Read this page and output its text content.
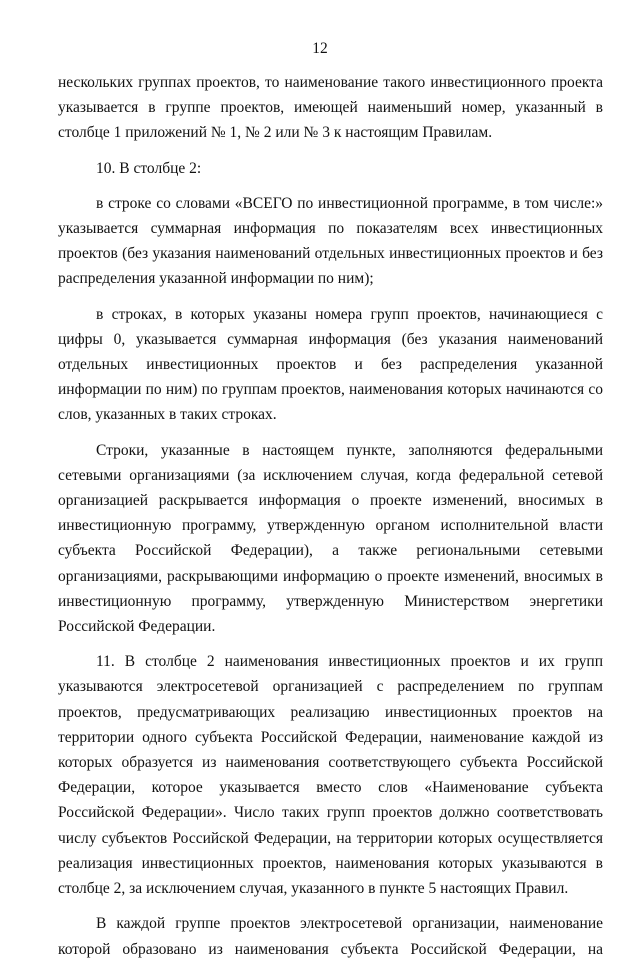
12

нескольких группах проектов, то наименование такого инвестиционного проекта указывается в группе проектов, имеющей наименьший номер, указанный в столбце 1 приложений № 1, № 2 или № 3 к настоящим Правилам.

10. В столбце 2:

в строке со словами «ВСЕГО по инвестиционной программе, в том числе:» указывается суммарная информация по показателям всех инвестиционных проектов (без указания наименований отдельных инвестиционных проектов и без распределения указанной информации по ним);

в строках, в которых указаны номера групп проектов, начинающиеся с цифры 0, указывается суммарная информация (без указания наименований отдельных инвестиционных проектов и без распределения указанной информации по ним) по группам проектов, наименования которых начинаются со слов, указанных в таких строках.

Строки, указанные в настоящем пункте, заполняются федеральными сетевыми организациями (за исключением случая, когда федеральной сетевой организацией раскрывается информация о проекте изменений, вносимых в инвестиционную программу, утвержденную органом исполнительной власти субъекта Российской Федерации), а также региональными сетевыми организациями, раскрывающими информацию о проекте изменений, вносимых в инвестиционную программу, утвержденную Министерством энергетики Российской Федерации.

11. В столбце 2 наименования инвестиционных проектов и их групп указываются электросетевой организацией с распределением по группам проектов, предусматривающих реализацию инвестиционных проектов на территории одного субъекта Российской Федерации, наименование каждой из которых образуется из наименования соответствующего субъекта Российской Федерации, которое указывается вместо слов «Наименование субъекта Российской Федерации». Число таких групп проектов должно соответствовать числу субъектов Российской Федерации, на территории которых осуществляется реализация инвестиционных проектов, наименования которых указываются в столбце 2, за исключением случая, указанного в пункте 5 настоящих Правил.

В каждой группе проектов электросетевой организации, наименование которой образовано из наименования субъекта Российской Федерации, на
